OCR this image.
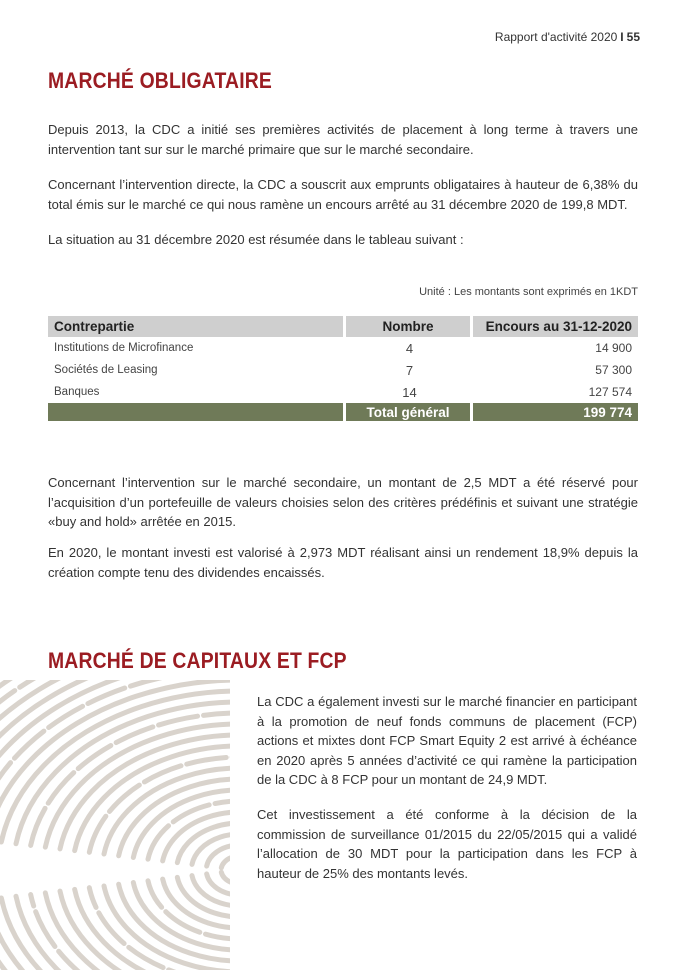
Rapport d'activité 2020 I 55
MARCHÉ OBLIGATAIRE

Depuis 2013, la CDC a initié ses premières activités de placement à long terme à travers une intervention tant sur sur le marché primaire que sur le marché secondaire.

Concernant l’intervention directe, la CDC a souscrit aux emprunts obligataires à hauteur de 6,38% du total émis sur le marché ce qui nous ramène un encours arrêté au 31 décembre 2020 de 199,8 MDT.

La situation au 31 décembre 2020 est résumée dans le tableau suivant :

Unité : Les montants sont exprimés en 1KDT
Contrepartie	Nombre	Encours au 31-12-2020
Institutions de Microfinance	4	14 900
Sociétés de Leasing	7	57 300
Banques	14	127 574
	Total général	199 774

Concernant l’intervention sur le marché secondaire, un montant de 2,5 MDT a été réservé pour l’acquisition d’un portefeuille de valeurs choisies selon des critères prédéfinis et suivant une stratégie «buy and hold» arrêtée en 2015.

En 2020, le montant investi est valorisé à 2,973 MDT réalisant ainsi un rendement 18,9% depuis la création compte tenu des dividendes encaissés.

MARCHÉ DE CAPITAUX ET FCP

La CDC a également investi sur le marché financier en participant à la promotion de neuf fonds communs de placement (FCP) actions et mixtes dont FCP Smart Equity 2 est arrivé à échéance en 2020 après 5 années d’activité ce qui ramène la participation de la CDC à 8 FCP pour un montant de 24,9 MDT.

Cet investissement a été conforme à la décision de la commission de surveillance 01/2015 du 22/05/2015 qui a validé l’allocation de 30 MDT pour la participation dans les FCP à hauteur de 25% des montants levés.
